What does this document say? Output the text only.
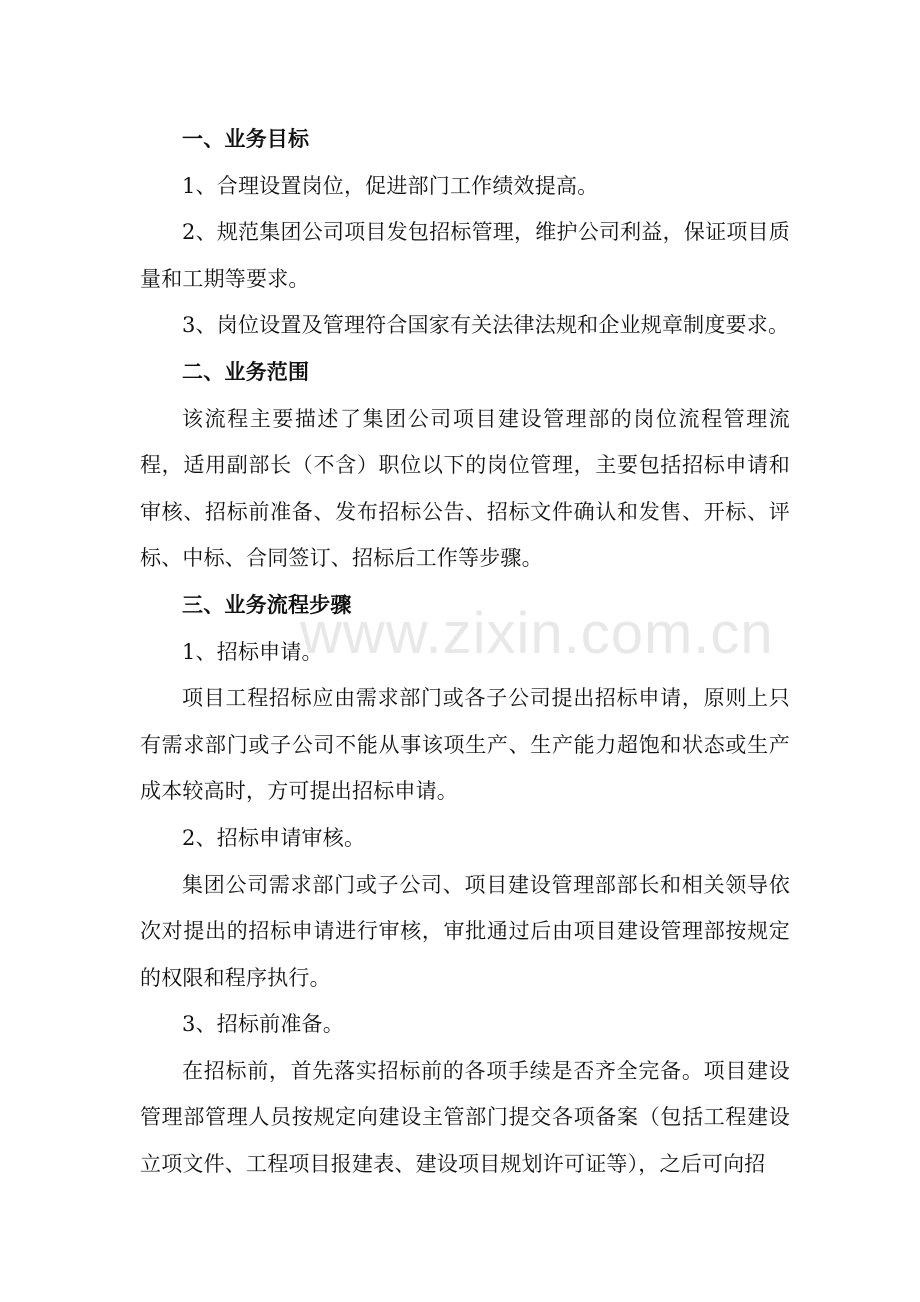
一、业务目标

1、合理设置岗位，促进部门工作绩效提高。

2、规范集团公司项目发包招标管理，维护公司利益，保证项目质量和工期等要求。

3、岗位设置及管理符合国家有关法律法规和企业规章制度要求。

二、业务范围

该流程主要描述了集团公司项目建设管理部的岗位流程管理流程，适用副部长（不含）职位以下的岗位管理，主要包括招标申请和审核、招标前准备、发布招标公告、招标文件确认和发售、开标、评标、中标、合同签订、招标后工作等步骤。

三、业务流程步骤

1、招标申请。

项目工程招标应由需求部门或各子公司提出招标申请，原则上只有需求部门或子公司不能从事该项生产、生产能力超饱和状态或生产成本较高时，方可提出招标申请。

2、招标申请审核。

集团公司需求部门或子公司、项目建设管理部部长和相关领导依次对提出的招标申请进行审核，审批通过后由项目建设管理部按规定的权限和程序执行。

3、招标前准备。

在招标前，首先落实招标前的各项手续是否齐全完备。项目建设管理部管理人员按规定向建设主管部门提交各项备案（包括工程建设立项文件、工程项目报建表、建设项目规划许可证等），之后可向招

www.zixin.com.cn
